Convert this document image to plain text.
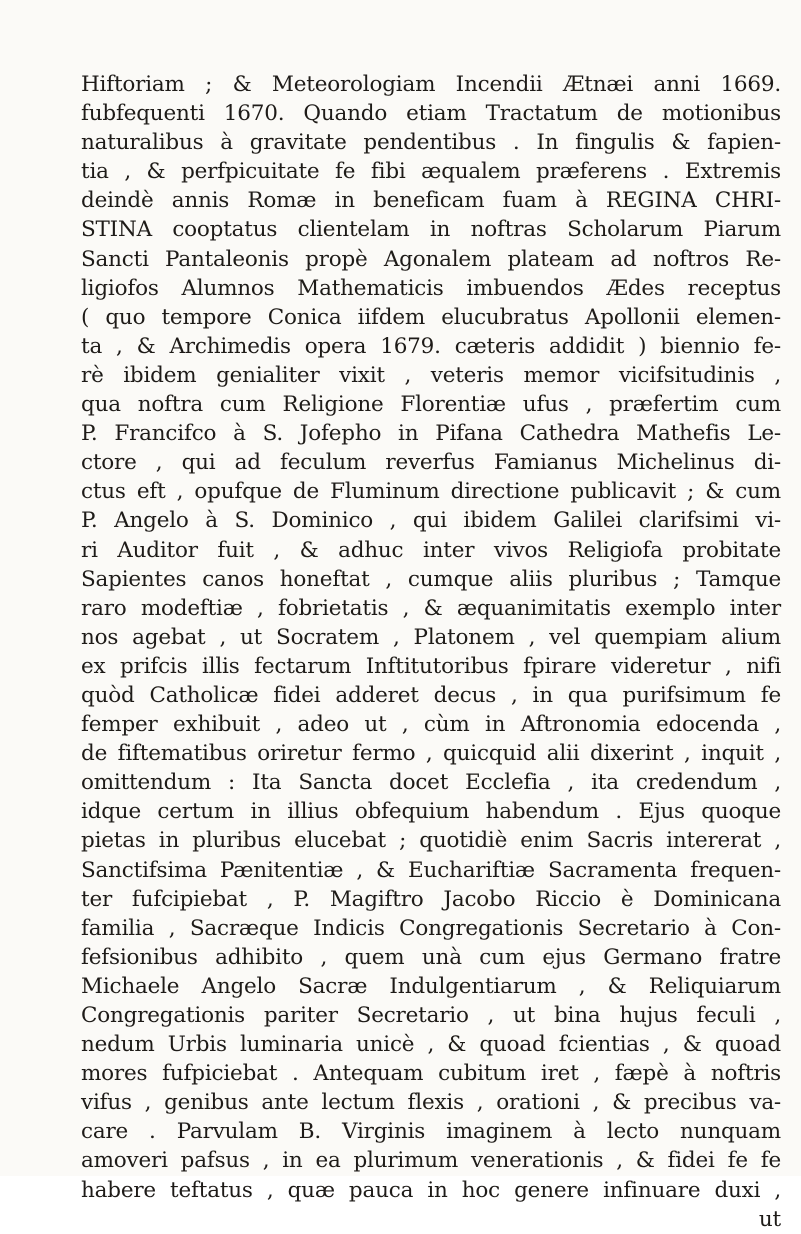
Hiftoriam ; & Meteorologiam Incendii Ætnæi anni 1669.
fubfequenti 1670. Quando etiam Tractatum de motionibus
naturalibus à gravitate pendentibus . In fingulis & fapien-
tia , & perfpicuitate fe fibi æqualem præferens . Extremis
deindè annis Romæ in beneficam fuam à REGINA CHRI-
STINA cooptatus clientelam in noftras Scholarum Piarum
Sancti Pantaleonis propè Agonalem plateam ad noftros Re-
ligiofos Alumnos Mathematicis imbuendos Ædes receptus
( quo tempore Conica iifdem elucubratus Apollonii elemen-
ta , & Archimedis opera 1679. cæteris addidit ) biennio fe-
rè ibidem genialiter vixit , veteris memor vicifsitudinis ,
qua noftra cum Religione Florentiæ ufus , præfertim cum
P. Francifco à S. Jofepho in Pifana Cathedra Mathefis Le-
ctore , qui ad feculum reverfus Famianus Michelinus di-
ctus eft , opufque de Fluminum directione publicavit ; & cum
P. Angelo à S. Dominico , qui ibidem Galilei clarifsimi vi-
ri Auditor fuit , & adhuc inter vivos Religiofa probitate
Sapientes canos honeftat , cumque aliis pluribus ; Tamque
raro modeftiæ , fobrietatis , & æquanimitatis exemplo inter
nos agebat , ut Socratem , Platonem , vel quempiam alium
ex prifcis illis fectarum Inftitutoribus fpirare videretur , nifi
quòd Catholicæ fidei adderet decus , in qua purifsimum fe
femper exhibuit , adeo ut , cùm in Aftronomia edocenda ,
de fiftematibus oriretur fermo , quicquid alii dixerint , inquit ,
omittendum : Ita Sancta docet Ecclefia , ita credendum ,
idque certum in illius obfequium habendum . Ejus quoque
pietas in pluribus elucebat ; quotidiè enim Sacris intererat ,
Sanctifsima Pænitentiæ , & Euchariftiæ Sacramenta frequen-
ter fufcipiebat , P. Magiftro Jacobo Riccio è Dominicana
familia , Sacræque Indicis Congregationis Secretario à Con-
fefsionibus adhibito , quem unà cum ejus Germano fratre
Michaele Angelo Sacræ Indulgentiarum , & Reliquiarum
Congregationis pariter Secretario , ut bina hujus feculi ,
nedum Urbis luminaria unicè , & quoad fcientias , & quoad
mores fufpiciebat . Antequam cubitum iret , fæpè à noftris
vifus , genibus ante lectum flexis , orationi , & precibus va-
care . Parvulam B. Virginis imaginem à lecto nunquam
amoveri pafsus , in ea plurimum venerationis , & fidei fe fe
habere teftatus , quæ pauca in hoc genere infinuare duxi ,
ut
